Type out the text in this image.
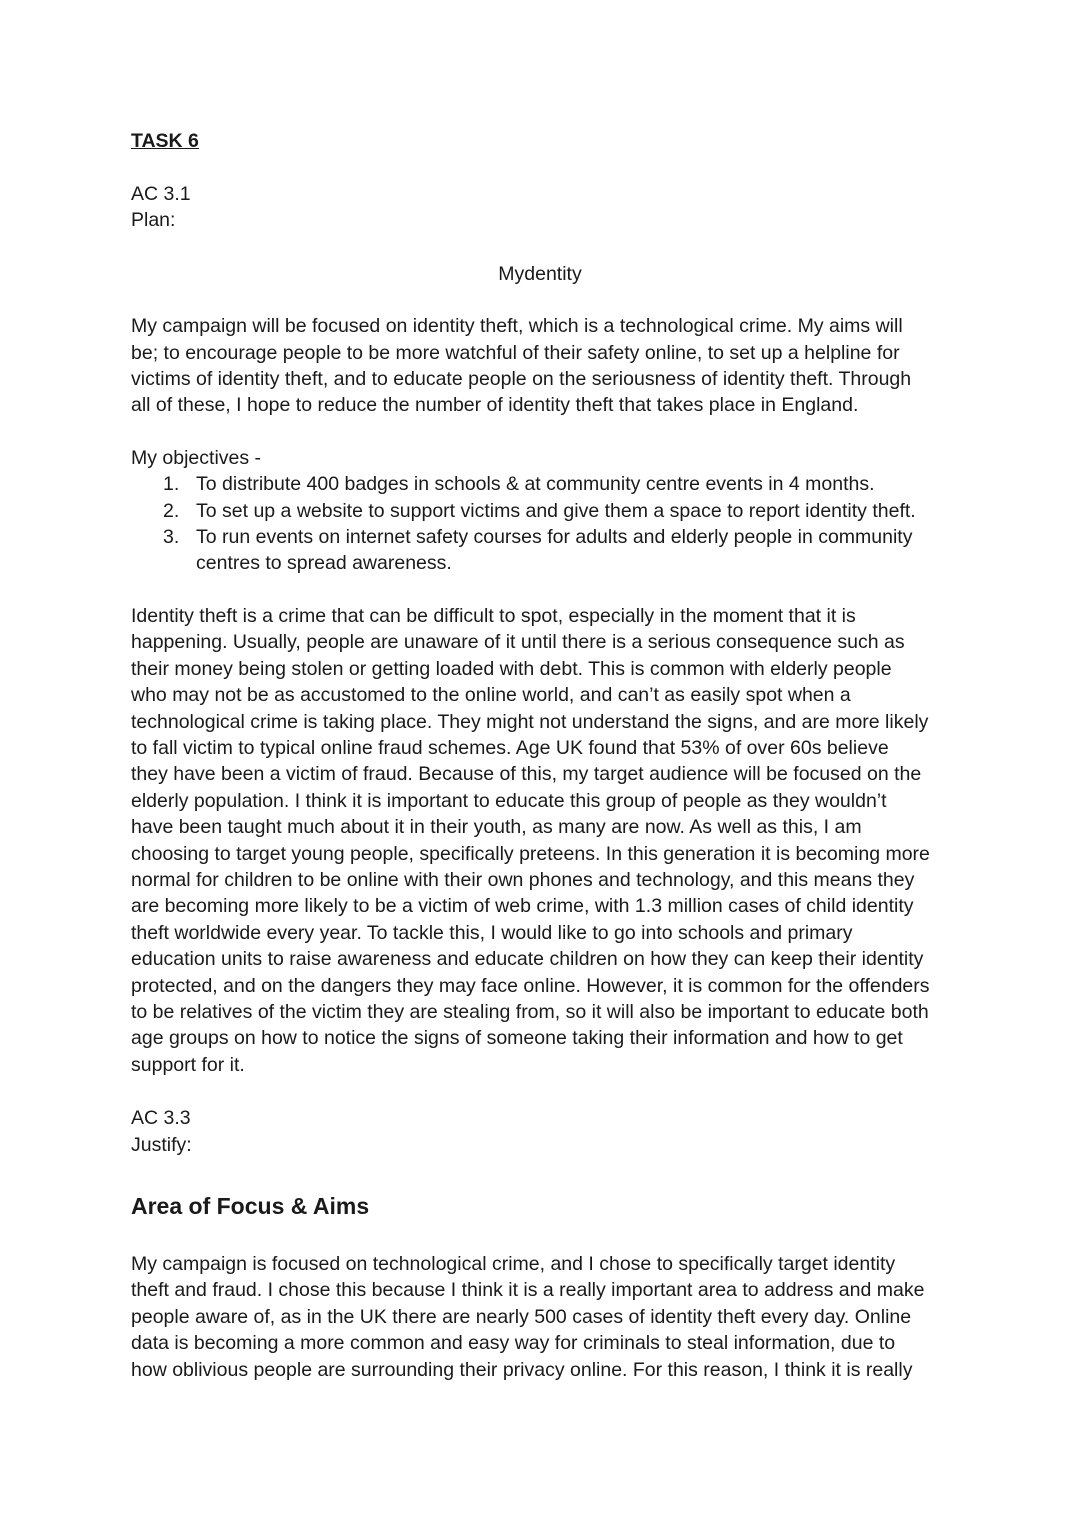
TASK 6

AC 3.1

Plan:

Mydentity

My campaign will be focused on identity theft, which is a technological crime. My aims will
be; to encourage people to be more watchful of their safety online, to set up a helpline for
victims of identity theft, and to educate people on the seriousness of identity theft. Through
all of these, I hope to reduce the number of identity theft that takes place in England.

My objectives -

1. To distribute 400 badges in schools & at community centre events in 4 months.
2. To set up a website to support victims and give them a space to report identity theft.
3. To run events on internet safety courses for adults and elderly people in community
centres to spread awareness.
Identity theft is a crime that can be difficult to spot, especially in the moment that it is
happening. Usually, people are unaware of it until there is a serious consequence such as
their money being stolen or getting loaded with debt. This is common with elderly people
who may not be as accustomed to the online world, and can’t as easily spot when a
technological crime is taking place. They might not understand the signs, and are more likely
to fall victim to typical online fraud schemes. Age UK found that 53% of over 60s believe
they have been a victim of fraud. Because of this, my target audience will be focused on the
elderly population. I think it is important to educate this group of people as they wouldn’t
have been taught much about it in their youth, as many are now. As well as this, I am
choosing to target young people, specifically preteens. In this generation it is becoming more
normal for children to be online with their own phones and technology, and this means they
are becoming more likely to be a victim of web crime, with 1.3 million cases of child identity
theft worldwide every year. To tackle this, I would like to go into schools and primary
education units to raise awareness and educate children on how they can keep their identity
protected, and on the dangers they may face online. However, it is common for the offenders
to be relatives of the victim they are stealing from, so it will also be important to educate both
age groups on how to notice the signs of someone taking their information and how to get
support for it.

AC 3.3

Justify:

Area of Focus & Aims
My campaign is focused on technological crime, and I chose to specifically target identity
theft and fraud. I chose this because I think it is a really important area to address and make
people aware of, as in the UK there are nearly 500 cases of identity theft every day. Online
data is becoming a more common and easy way for criminals to steal information, due to
how oblivious people are surrounding their privacy online. For this reason, I think it is really
